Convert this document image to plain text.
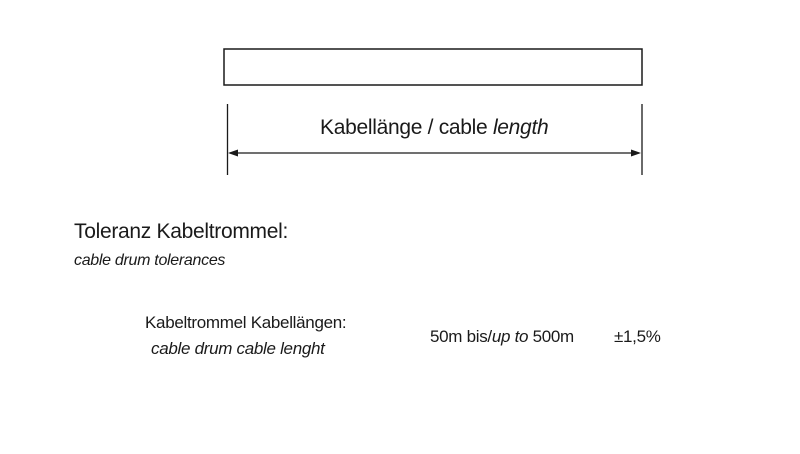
Kabellänge / cable length
Toleranz Kabeltrommel:
cable drum tolerances
Kabeltrommel Kabellängen:
cable drum cable lenght
50m bis/up to 500m ±1,5%
